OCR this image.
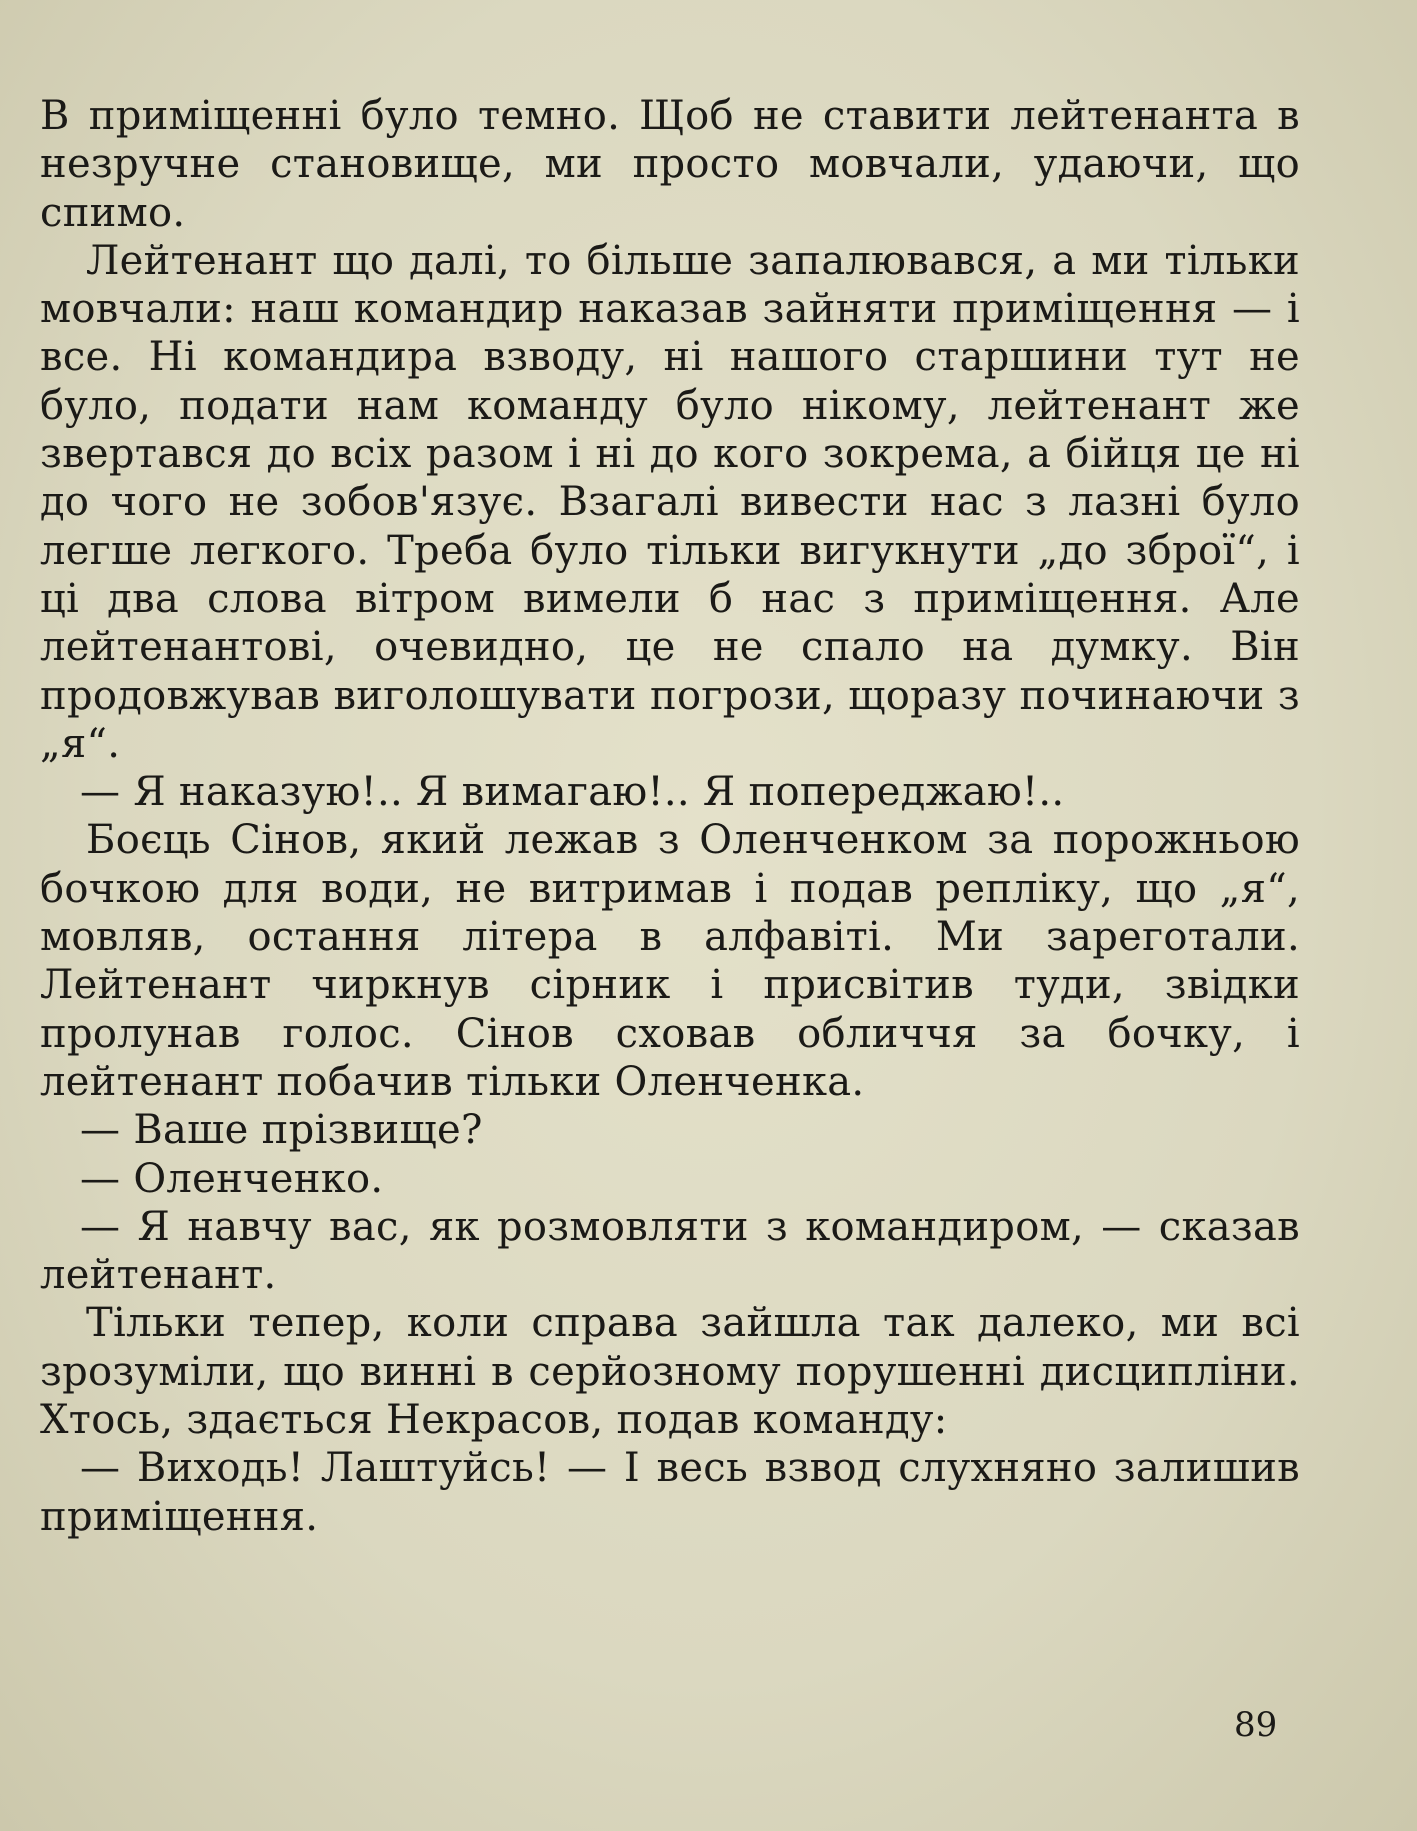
В приміщенні було темно. Щоб не ставити лейтенанта в незручне становище, ми просто мовчали, удаючи, що спимо.

Лейтенант що далі, то більше запалювався, а ми тільки мовчали: наш командир наказав зайняти приміщення — і все. Ні командира взводу, ні нашого старшини тут не було, подати нам команду було нікому, лейтенант же звертався до всіх разом і ні до кого зокрема, а бійця це ні до чого не зобов'язує. Взагалі вивести нас з лазні було легше легкого. Треба було тільки вигукнути „до зброї“, і ці два слова вітром вимели б нас з приміщення. Але лейтенантові, очевидно, це не спало на думку. Він продовжував виголошувати погрози, щоразу починаючи з „я“.

— Я наказую!.. Я вимагаю!.. Я попереджаю!..

Боєць Сінов, який лежав з Оленченком за порожньою бочкою для води, не витримав і подав репліку, що „я“, мовляв, остання літера в алфавіті. Ми зареготали. Лейтенант чиркнув сірник і присвітив туди, звідки пролунав голос. Сінов сховав обличчя за бочку, і лейтенант побачив тільки Оленченка.

— Ваше прізвище?

— Оленченко.

— Я навчу вас, як розмовляти з командиром, — сказав лейтенант.

Тільки тепер, коли справа зайшла так далеко, ми всі зрозуміли, що винні в серйозному порушенні дисципліни. Хтось, здається Некрасов, подав команду:

— Виходь! Лаштуйсь! — І весь взвод слухняно залишив приміщення.

89
